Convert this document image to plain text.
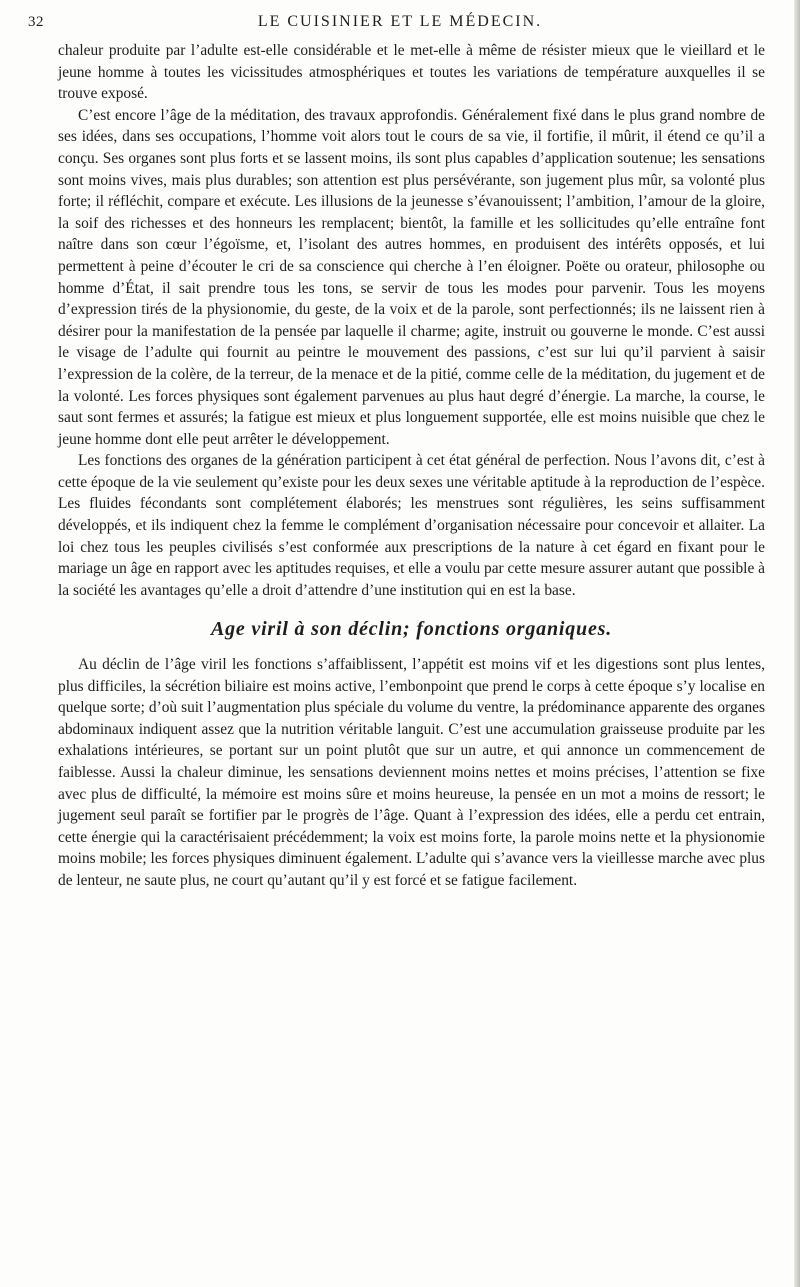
32	LE CUISINIER ET LE MÉDECIN.

chaleur produite par l’adulte est-elle considérable et le met-elle à même de résister mieux que le vieillard et le jeune homme à toutes les vicissitudes atmosphériques et toutes les variations de température auxquelles il se trouve exposé.

C’est encore l’âge de la méditation, des travaux approfondis. Généralement fixé dans le plus grand nombre de ses idées, dans ses occupations, l’homme voit alors tout le cours de sa vie, il fortifie, il mûrit, il étend ce qu’il a conçu. Ses organes sont plus forts et se lassent moins, ils sont plus capables d’application soutenue; les sensations sont moins vives, mais plus durables; son attention est plus persévérante, son jugement plus mûr, sa volonté plus forte; il réfléchit, compare et exécute. Les illusions de la jeunesse s’évanouissent; l’ambition, l’amour de la gloire, la soif des richesses et des honneurs les remplacent; bientôt, la famille et les sollicitudes qu’elle entraîne font naître dans son cœur l’égoïsme, et, l’isolant des autres hommes, en produisent des intérêts opposés, et lui permettent à peine d’écouter le cri de sa conscience qui cherche à l’en éloigner. Poëte ou orateur, philosophe ou homme d’État, il sait prendre tous les tons, se servir de tous les modes pour parvenir. Tous les moyens d’expression tirés de la physionomie, du geste, de la voix et de la parole, sont perfectionnés; ils ne laissent rien à désirer pour la manifestation de la pensée par laquelle il charme; agite, instruit ou gouverne le monde. C’est aussi le visage de l’adulte qui fournit au peintre le mouvement des passions, c’est sur lui qu’il parvient à saisir l’expression de la colère, de la terreur, de la menace et de la pitié, comme celle de la méditation, du jugement et de la volonté. Les forces physiques sont également parvenues au plus haut degré d’énergie. La marche, la course, le saut sont fermes et assurés; la fatigue est mieux et plus longuement supportée, elle est moins nuisible que chez le jeune homme dont elle peut arrêter le développement.

Les fonctions des organes de la génération participent à cet état général de perfection. Nous l’avons dit, c’est à cette époque de la vie seulement qu’existe pour les deux sexes une véritable aptitude à la reproduction de l’espèce. Les fluides fécondants sont complétement élaborés; les menstrues sont régulières, les seins suffisamment développés, et ils indiquent chez la femme le complément d’organisation nécessaire pour concevoir et allaiter. La loi chez tous les peuples civilisés s’est conformée aux prescriptions de la nature à cet égard en fixant pour le mariage un âge en rapport avec les aptitudes requises, et elle a voulu par cette mesure assurer autant que possible à la société les avantages qu’elle a droit d’attendre d’une institution qui en est la base.

Age viril à son déclin; fonctions organiques.

Au déclin de l’âge viril les fonctions s’affaiblissent, l’appétit est moins vif et les digestions sont plus lentes, plus difficiles, la sécrétion biliaire est moins active, l’embonpoint que prend le corps à cette époque s’y localise en quelque sorte; d’où suit l’augmentation plus spéciale du volume du ventre, la prédominance apparente des organes abdominaux indiquent assez que la nutrition véritable languit. C’est une accumulation graisseuse produite par les exhalations intérieures, se portant sur un point plutôt que sur un autre, et qui annonce un commencement de faiblesse. Aussi la chaleur diminue, les sensations deviennent moins nettes et moins précises, l’attention se fixe avec plus de difficulté, la mémoire est moins sûre et moins heureuse, la pensée en un mot a moins de ressort; le jugement seul paraît se fortifier par le progrès de l’âge. Quant à l’expression des idées, elle a perdu cet entrain, cette énergie qui la caractérisaient précédemment; la voix est moins forte, la parole moins nette et la physionomie moins mobile; les forces physiques diminuent également. L’adulte qui s’avance vers la vieillesse marche avec plus de lenteur, ne saute plus, ne court qu’autant qu’il y est forcé et se fatigue facilement.
